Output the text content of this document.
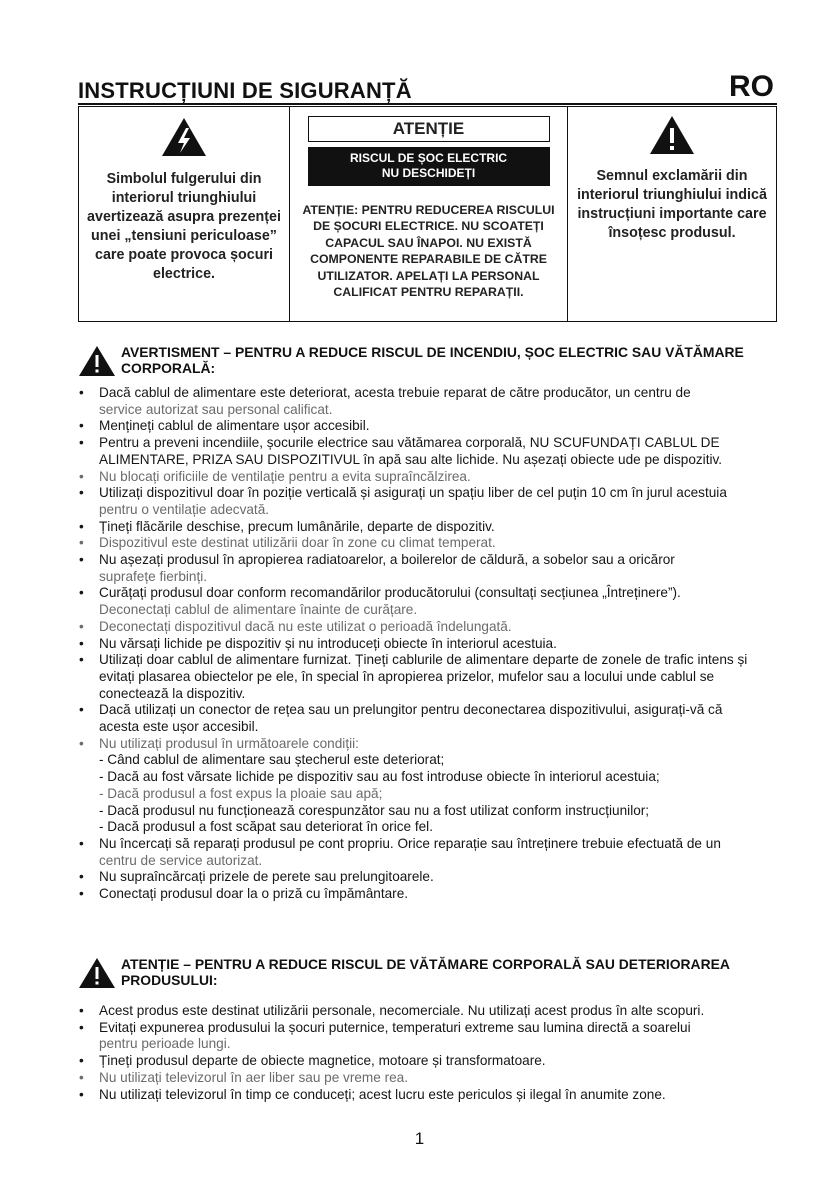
INSTRUCȚIUNI DE SIGURANȚĂ	RO
Simbolul fulgerului din interiorul triunghiului avertizează asupra prezenței unei „tensiuni periculoase” care poate provoca șocuri electrice.
ATENȚIE
RISCUL DE ȘOC ELECTRIC
NU DESCHIDEȚI
ATENȚIE: PENTRU REDUCEREA RISCULUI DE ȘOCURI ELECTRICE. NU SCOATEȚI CAPACUL SAU ÎNAPOI. NU EXISTĂ COMPONENTE REPARABILE DE CĂTRE UTILIZATOR. APELAȚI LA PERSONAL CALIFICAT PENTRU REPARAȚII.
Semnul exclamării din interiorul triunghiului indică instrucțiuni importante care însoțesc produsul.
AVERTISMENT – PENTRU A REDUCE RISCUL DE INCENDIU, ȘOC ELECTRIC SAU VĂTĂMARE CORPORALĂ:
• Dacă cablul de alimentare este deteriorat, acesta trebuie reparat de către producător, un centru de
service autorizat sau personal calificat.
• Mențineți cablul de alimentare ușor accesibil.
• Pentru a preveni incendiile, șocurile electrice sau vătămarea corporală, NU SCUFUNDAȚI CABLUL DE ALIMENTARE, PRIZA SAU DISPOZITIVUL în apă sau alte lichide. Nu așezați obiecte ude pe dispozitiv.
• Nu blocați orificiile de ventilație pentru a evita supraîncălzirea.
• Utilizați dispozitivul doar în poziție verticală și asigurați un spațiu liber de cel puțin 10 cm în jurul acestuia
pentru o ventilație adecvată.
• Țineți flăcările deschise, precum lumânările, departe de dispozitiv.
• Dispozitivul este destinat utilizării doar în zone cu climat temperat.
• Nu așezați produsul în apropierea radiatoarelor, a boilerelor de căldură, a sobelor sau a oricăror
suprafețe fierbinți.
• Curățați produsul doar conform recomandărilor producătorului (consultați secțiunea „Întreținere”).
Deconectați cablul de alimentare înainte de curățare.
• Deconectați dispozitivul dacă nu este utilizat o perioadă îndelungată.
• Nu vărsați lichide pe dispozitiv și nu introduceți obiecte în interiorul acestuia.
• Utilizați doar cablul de alimentare furnizat. Țineți cablurile de alimentare departe de zonele de trafic intens și evitați plasarea obiectelor pe ele, în special în apropierea prizelor, mufelor sau a locului unde cablul se conectează la dispozitiv.
• Dacă utilizați un conector de rețea sau un prelungitor pentru deconectarea dispozitivului, asigurați-vă că
acesta este ușor accesibil.
• Nu utilizați produsul în următoarele condiții:
- Când cablul de alimentare sau ștecherul este deteriorat;
- Dacă au fost vărsate lichide pe dispozitiv sau au fost introduse obiecte în interiorul acestuia;
- Dacă produsul a fost expus la ploaie sau apă;
- Dacă produsul nu funcționează corespunzător sau nu a fost utilizat conform instrucțiunilor;
- Dacă produsul a fost scăpat sau deteriorat în orice fel.
• Nu încercați să reparați produsul pe cont propriu. Orice reparație sau întreținere trebuie efectuată de un
centru de service autorizat.
• Nu supraîncărcați prizele de perete sau prelungitoarele.
• Conectați produsul doar la o priză cu împământare.
ATENȚIE – PENTRU A REDUCE RISCUL DE VĂTĂMARE CORPORALĂ SAU DETERIORAREA PRODUSULUI:
• Acest produs este destinat utilizării personale, necomerciale. Nu utilizați acest produs în alte scopuri.
• Evitați expunerea produsului la șocuri puternice, temperaturi extreme sau lumina directă a soarelui
pentru perioade lungi.
• Țineți produsul departe de obiecte magnetice, motoare și transformatoare.
• Nu utilizați televizorul în aer liber sau pe vreme rea.
• Nu utilizați televizorul în timp ce conduceți; acest lucru este periculos și ilegal în anumite zone.
1
